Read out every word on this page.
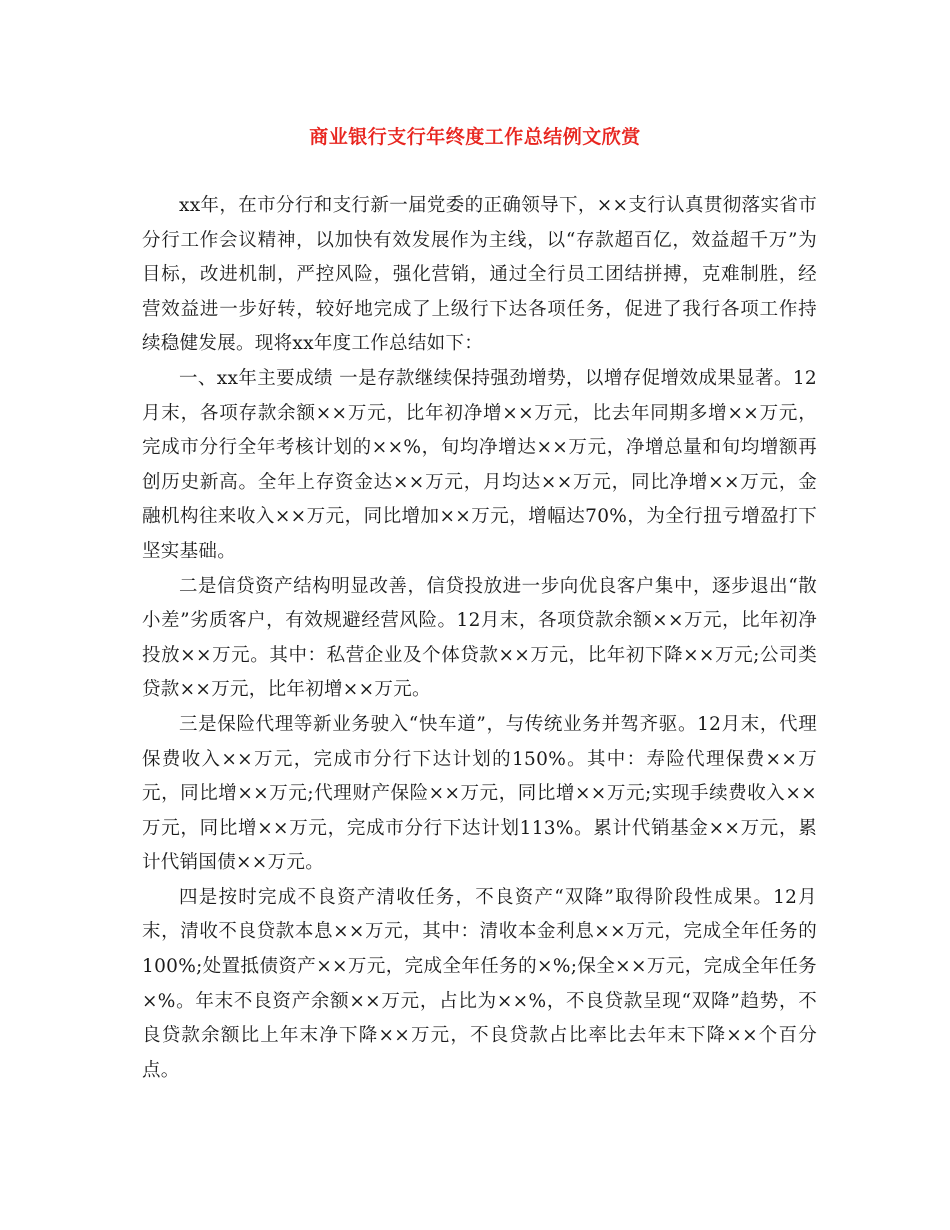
商业银行支行年终度工作总结例文欣赏

xx年，在市分行和支行新一届党委的正确领导下，××支行认真贯彻落实省市分行工作会议精神，以加快有效发展作为主线，以“存款超百亿，效益超千万”为目标，改进机制，严控风险，强化营销，通过全行员工团结拼搏，克难制胜，经营效益进一步好转，较好地完成了上级行下达各项任务，促进了我行各项工作持续稳健发展。现将xx年度工作总结如下：

一、xx年主要成绩 一是存款继续保持强劲增势，以增存促增效成果显著。12月末，各项存款余额××万元，比年初净增××万元，比去年同期多增××万元，完成市分行全年考核计划的××%，旬均净增达××万元，净增总量和旬均增额再创历史新高。全年上存资金达××万元，月均达××万元，同比净增××万元，金融机构往来收入××万元，同比增加××万元，增幅达70%，为全行扭亏增盈打下坚实基础。

二是信贷资产结构明显改善，信贷投放进一步向优良客户集中，逐步退出“散小差”劣质客户，有效规避经营风险。12月末，各项贷款余额××万元，比年初净投放××万元。其中：私营企业及个体贷款××万元，比年初下降××万元;公司类贷款××万元，比年初增××万元。

三是保险代理等新业务驶入“快车道”，与传统业务并驾齐驱。12月末，代理保费收入××万元，完成市分行下达计划的150%。其中：寿险代理保费××万元，同比增××万元;代理财产保险××万元，同比增××万元;实现手续费收入××万元，同比增××万元，完成市分行下达计划113%。累计代销基金××万元，累计代销国债××万元。

四是按时完成不良资产清收任务，不良资产“双降”取得阶段性成果。12月末，清收不良贷款本息××万元，其中：清收本金利息××万元，完成全年任务的100%;处置抵债资产××万元，完成全年任务的×%;保全××万元，完成全年任务×%。年末不良资产余额××万元，占比为××%，不良贷款呈现“双降”趋势，不良贷款余额比上年末净下降××万元，不良贷款占比率比去年末下降××个百分点。
